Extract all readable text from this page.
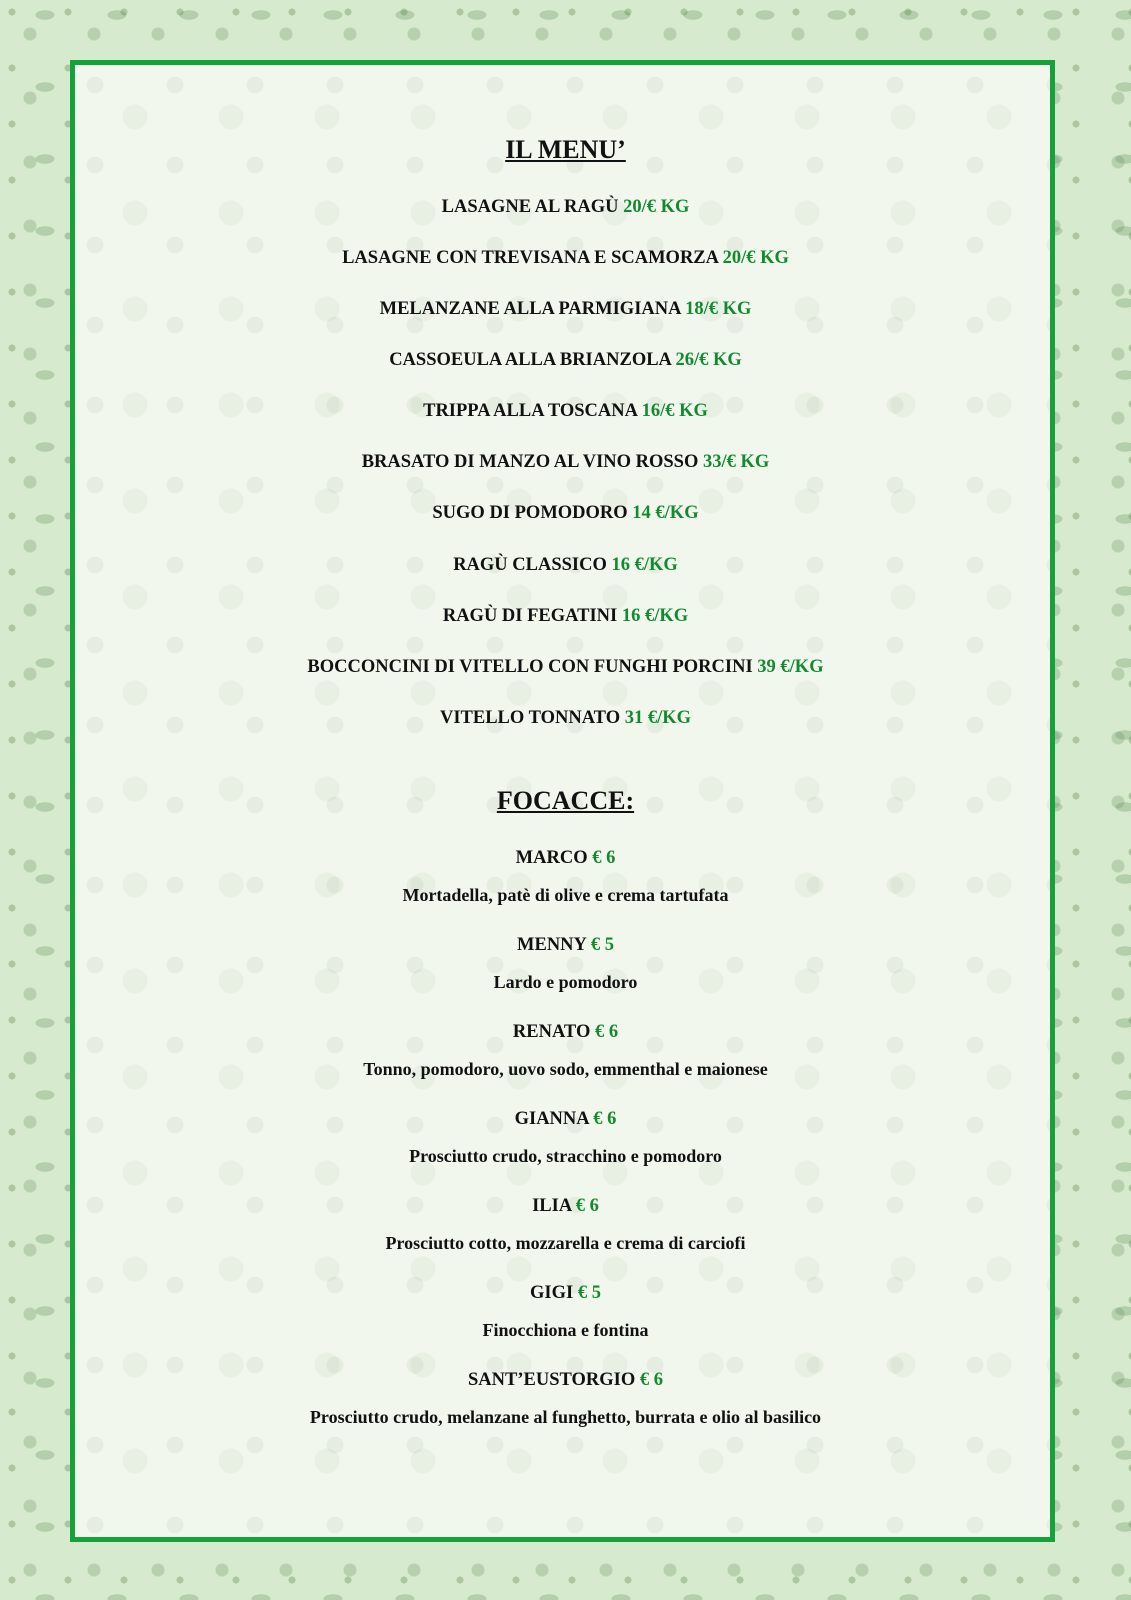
IL MENU’
LASAGNE AL RAGÙ 20/€ KG
LASAGNE CON TREVISANA E SCAMORZA 20/€ KG
MELANZANE ALLA PARMIGIANA 18/€ KG
CASSOEULA ALLA BRIANZOLA 26/€ KG
TRIPPA ALLA TOSCANA 16/€ KG
BRASATO DI MANZO AL VINO ROSSO 33/€ KG
SUGO DI POMODORO 14 €/KG
RAGÙ CLASSICO 16 €/KG
RAGÙ DI FEGATINI 16 €/KG
BOCCONCINI DI VITELLO CON FUNGHI PORCINI 39 €/KG
VITELLO TONNATO 31 €/KG
FOCACCE:
MARCO € 6
Mortadella, patè di olive e crema tartufata
MENNY € 5
Lardo e pomodoro
RENATO € 6
Tonno, pomodoro, uovo sodo, emmenthal e maionese
GIANNA € 6
Prosciutto crudo, stracchino e pomodoro
ILIA € 6
Prosciutto cotto, mozzarella e crema di carciofi
GIGI € 5
Finocchiona e fontina
SANT’EUSTORGIO € 6
Prosciutto crudo, melanzane al funghetto, burrata e olio al basilico
